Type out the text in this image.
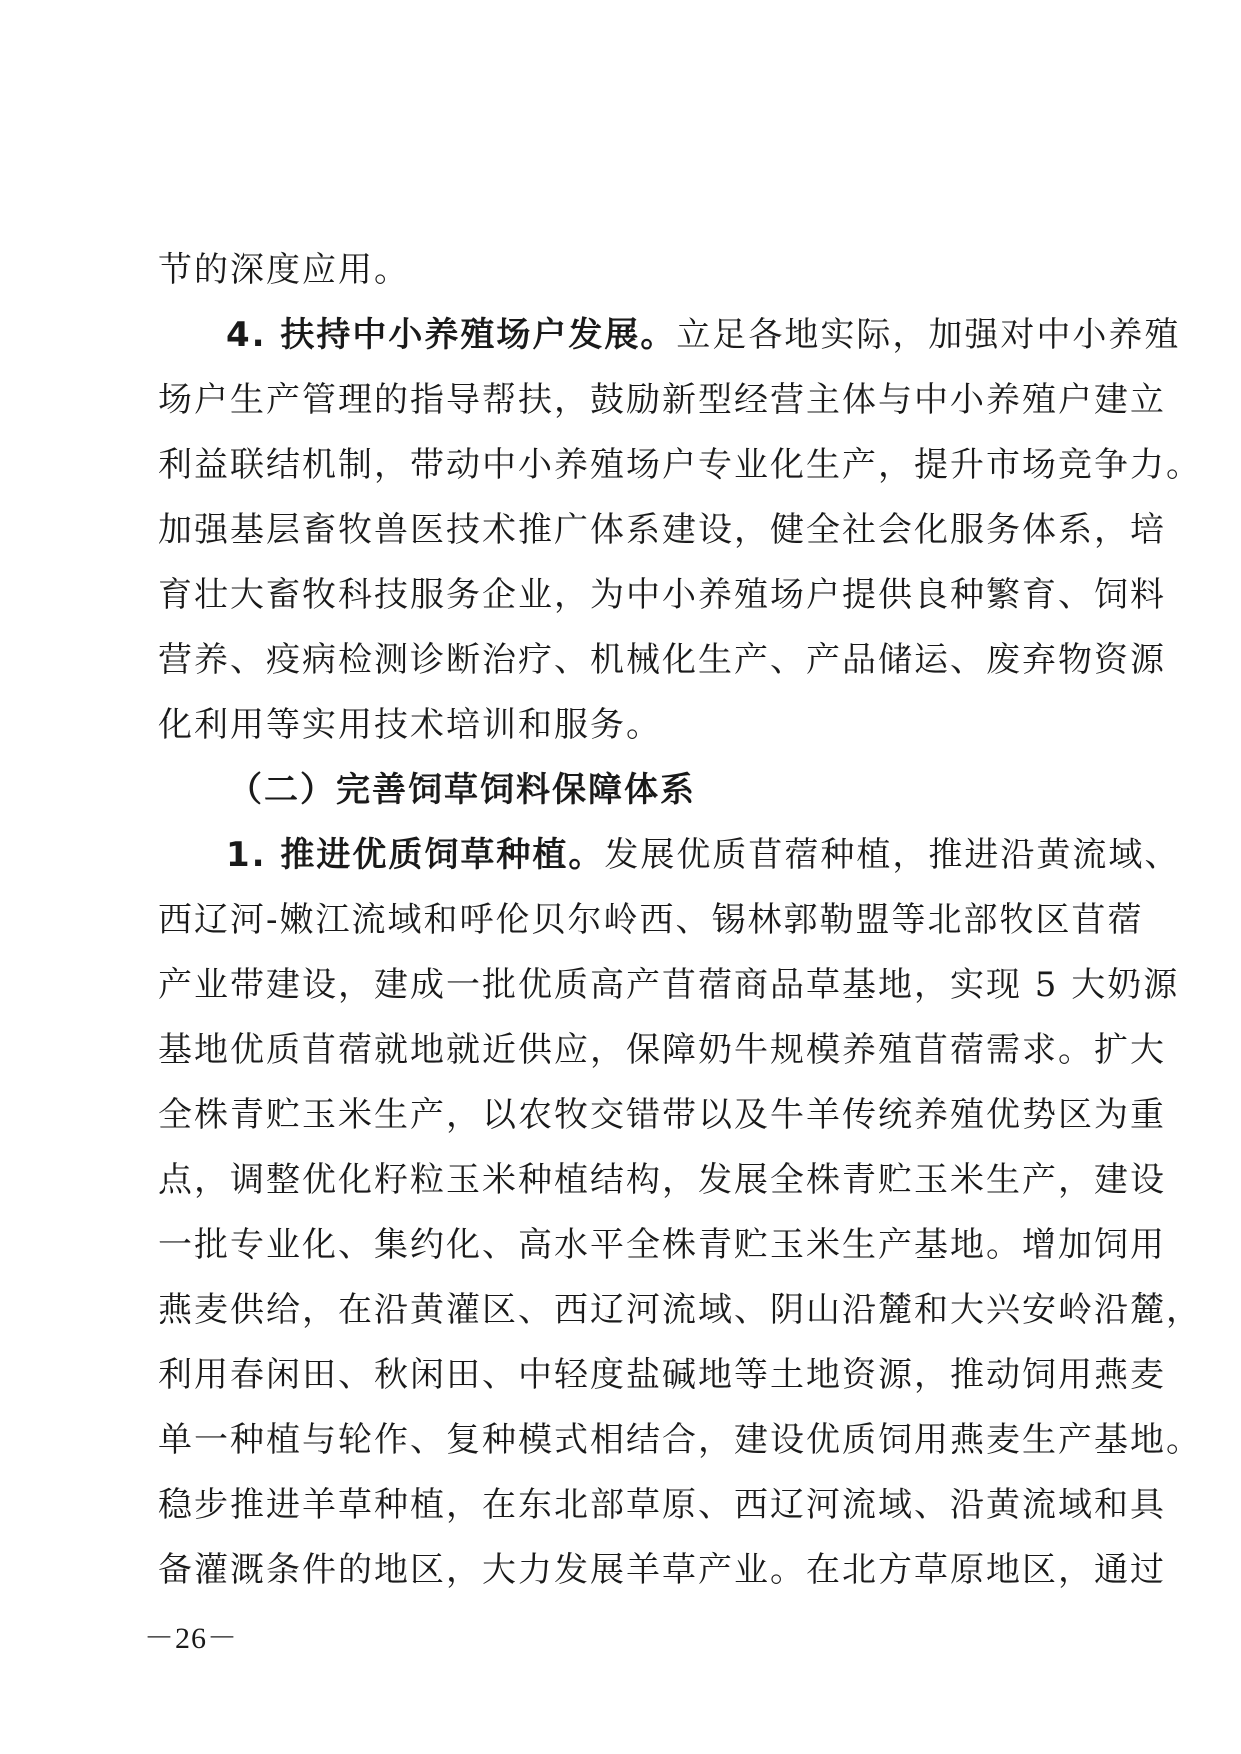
节的深度应用。
4. 扶持中小养殖场户发展。立足各地实际，加强对中小养殖
场户生产管理的指导帮扶，鼓励新型经营主体与中小养殖户建立
利益联结机制，带动中小养殖场户专业化生产，提升市场竞争力。
加强基层畜牧兽医技术推广体系建设，健全社会化服务体系，培
育壮大畜牧科技服务企业，为中小养殖场户提供良种繁育、饲料
营养、疫病检测诊断治疗、机械化生产、产品储运、废弃物资源
化利用等实用技术培训和服务。
（二）完善饲草饲料保障体系
1. 推进优质饲草种植。发展优质苜蓿种植，推进沿黄流域、
西辽河-嫩江流域和呼伦贝尔岭西、锡林郭勒盟等北部牧区苜蓿
产业带建设，建成一批优质高产苜蓿商品草基地，实现 5 大奶源
基地优质苜蓿就地就近供应，保障奶牛规模养殖苜蓿需求。扩大
全株青贮玉米生产，以农牧交错带以及牛羊传统养殖优势区为重
点，调整优化籽粒玉米种植结构，发展全株青贮玉米生产，建设
一批专业化、集约化、高水平全株青贮玉米生产基地。增加饲用
燕麦供给，在沿黄灌区、西辽河流域、阴山沿麓和大兴安岭沿麓，
利用春闲田、秋闲田、中轻度盐碱地等土地资源，推动饲用燕麦
单一种植与轮作、复种模式相结合，建设优质饲用燕麦生产基地。
稳步推进羊草种植，在东北部草原、西辽河流域、沿黄流域和具
备灌溉条件的地区，大力发展羊草产业。在北方草原地区，通过
－26－
